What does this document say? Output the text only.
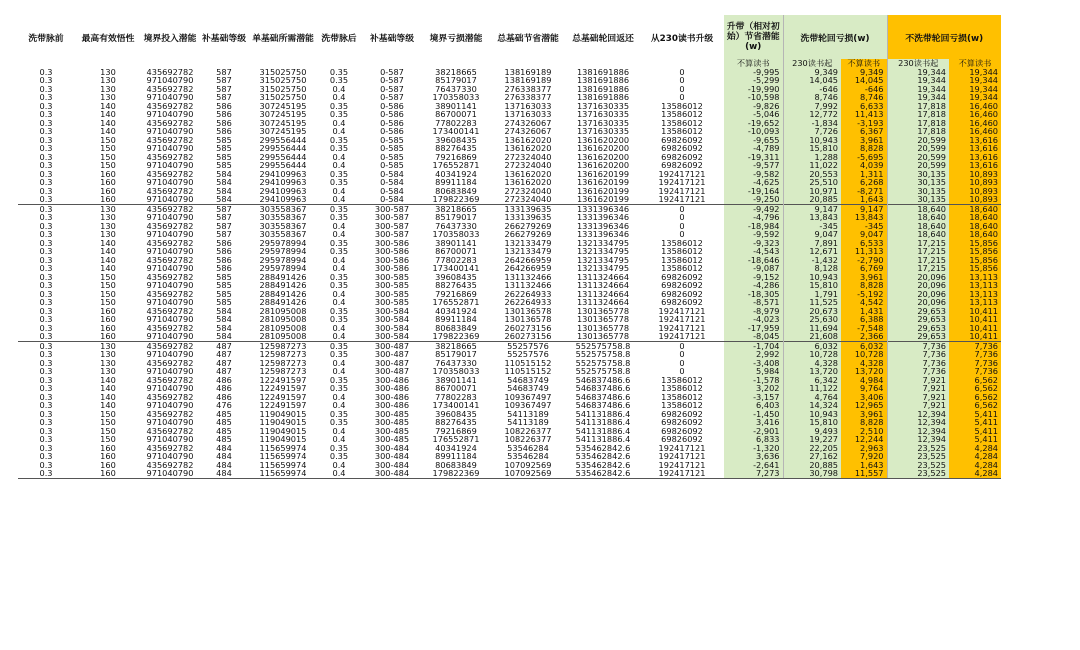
洗带脉前	最高有效悟性	境界投入潜能	补基础等级	单基础所需潜能	洗带脉后	补基础等级	境界亏损潜能	总基础节省潜能	总基础轮回返还	从230读书升级	升带（相对初始）节省潜能(w)	洗带轮回亏损(w)		不洗带轮回亏损(w)	
											不算读书	230读书起	不算读书	230读书起	不算读书
0.3	130	435692782	587	315025750	0.35	0-587	38218665	138169189	1381691886	0	-9,995	9,349	9,349	19,344	19,344
0.3	130	971040790	587	315025750	0.35	0-587	85179017	138169189	1381691886	0	-5,299	14,045	14,045	19,344	19,344
0.3	130	435692782	587	315025750	0.4	0-587	76437330	276338377	1381691886	0	-19,990	-646	-646	19,344	19,344
0.3	130	971040790	587	315025750	0.4	0-587	170358033	276338377	1381691886	0	-10,598	8,746	8,746	19,344	19,344
0.3	140	435692782	586	307245195	0.35	0-586	38901141	137163033	1371630335	13586012	-9,826	7,992	6,633	17,818	16,460
0.3	140	971040790	586	307245195	0.35	0-586	86700071	137163033	1371630335	13586012	-5,046	12,772	11,413	17,818	16,460
0.3	140	435692782	586	307245195	0.4	0-586	77802283	274326067	1371630335	13586012	-19,652	-1,834	-3,193	17,818	16,460
0.3	140	971040790	586	307245195	0.4	0-586	173400141	274326067	1371630335	13586012	-10,093	7,726	6,367	17,818	16,460
0.3	150	435692782	585	299556444	0.35	0-585	39608435	136162020	1361620200	69826092	-9,655	10,943	3,961	20,599	13,616
0.3	150	971040790	585	299556444	0.35	0-585	88276435	136162020	1361620200	69826092	-4,789	15,810	8,828	20,599	13,616
0.3	150	435692782	585	299556444	0.4	0-585	79216869	272324040	1361620200	69826092	-19,311	1,288	-5,695	20,599	13,616
0.3	150	971040790	585	299556444	0.4	0-585	176552871	272324040	1361620200	69826092	-9,577	11,022	4,039	20,599	13,616
0.3	160	435692782	584	294109963	0.35	0-584	40341924	136162020	1361620199	192417121	-9,582	20,553	1,311	30,135	10,893
0.3	160	971040790	584	294109963	0.35	0-584	89911184	136162020	1361620199	192417121	-4,625	25,510	6,268	30,135	10,893
0.3	160	435692782	584	294109963	0.4	0-584	80683849	272324040	1361620199	192417121	-19,164	10,971	-8,271	30,135	10,893
0.3	160	971040790	584	294109963	0.4	0-584	179822369	272324040	1361620199	192417121	-9,250	20,885	1,643	30,135	10,893
0.3	130	435692782	587	303558367	0.35	300-587	38218665	133139635	1331396346	0	-9,492	9,147	9,147	18,640	18,640
0.3	130	971040790	587	303558367	0.35	300-587	85179017	133139635	1331396346	0	-4,796	13,843	13,843	18,640	18,640
0.3	130	435692782	587	303558367	0.4	300-587	76437330	266279269	1331396346	0	-18,984	-345	-345	18,640	18,640
0.3	130	971040790	587	303558367	0.4	300-587	170358033	266279269	1331396346	0	-9,592	9,047	9,047	18,640	18,640
0.3	140	435692782	586	295978994	0.35	300-586	38901141	132133479	1321334795	13586012	-9,323	7,891	6,533	17,215	15,856
0.3	140	971040790	586	295978994	0.35	300-586	86700071	132133479	1321334795	13586012	-4,543	12,671	11,313	17,215	15,856
0.3	140	435692782	586	295978994	0.4	300-586	77802283	264266959	1321334795	13586012	-18,646	-1,432	-2,790	17,215	15,856
0.3	140	971040790	586	295978994	0.4	300-586	173400141	264266959	1321334795	13586012	-9,087	8,128	6,769	17,215	15,856
0.3	150	435692782	585	288491426	0.35	300-585	39608435	131132466	1311324664	69826092	-9,152	10,943	3,961	20,096	13,113
0.3	150	971040790	585	288491426	0.35	300-585	88276435	131132466	1311324664	69826092	-4,286	15,810	8,828	20,096	13,113
0.3	150	435692782	585	288491426	0.4	300-585	79216869	262264933	1311324664	69826092	-18,305	1,791	-5,192	20,096	13,113
0.3	150	971040790	585	288491426	0.4	300-585	176552871	262264933	1311324664	69826092	-8,571	11,525	4,542	20,096	13,113
0.3	160	435692782	584	281095008	0.35	300-584	40341924	130136578	1301365778	192417121	-8,979	20,673	1,431	29,653	10,411
0.3	160	971040790	584	281095008	0.35	300-584	89911184	130136578	1301365778	192417121	-4,023	25,630	6,388	29,653	10,411
0.3	160	435692782	584	281095008	0.4	300-584	80683849	260273156	1301365778	192417121	-17,959	11,694	-7,548	29,653	10,411
0.3	160	971040790	584	281095008	0.4	300-584	179822369	260273156	1301365778	192417121	-8,045	21,608	2,366	29,653	10,411
0.3	130	435692782	487	125987273	0.35	300-487	38218665	55257576	552575758.8	0	-1,704	6,032	6,032	7,736	7,736
0.3	130	971040790	487	125987273	0.35	300-487	85179017	55257576	552575758.8	0	2,992	10,728	10,728	7,736	7,736
0.3	130	435692782	487	125987273	0.4	300-487	76437330	110515152	552575758.8	0	-3,408	4,328	4,328	7,736	7,736
0.3	130	971040790	487	125987273	0.4	300-487	170358033	110515152	552575758.8	0	5,984	13,720	13,720	7,736	7,736
0.3	140	435692782	486	122491597	0.35	300-486	38901141	54683749	546837486.6	13586012	-1,578	6,342	4,984	7,921	6,562
0.3	140	971040790	486	122491597	0.35	300-486	86700071	54683749	546837486.6	13586012	3,202	11,122	9,764	7,921	6,562
0.3	140	435692782	486	122491597	0.4	300-486	77802283	109367497	546837486.6	13586012	-3,157	4,764	3,406	7,921	6,562
0.3	140	971040790	476	122491597	0.4	300-486	173400141	109367497	546837486.6	13586012	6,403	14,324	12,965	7,921	6,562
0.3	150	435692782	485	119049015	0.35	300-485	39608435	54113189	541131886.4	69826092	-1,450	10,943	3,961	12,394	5,411
0.3	150	971040790	485	119049015	0.35	300-485	88276435	54113189	541131886.4	69826092	3,416	15,810	8,828	12,394	5,411
0.3	150	435692782	485	119049015	0.4	300-485	79216869	108226377	541131886.4	69826092	-2,901	9,493	2,510	12,394	5,411
0.3	150	971040790	485	119049015	0.4	300-485	176552871	108226377	541131886.4	69826092	6,833	19,227	12,244	12,394	5,411
0.3	160	435692782	484	115659974	0.35	300-484	40341924	53546284	535462842.6	192417121	-1,320	22,205	2,963	23,525	4,284
0.3	160	971040790	484	115659974	0.35	300-484	89911184	53546284	535462842.6	192417121	3,636	27,162	7,920	23,525	4,284
0.3	160	435692782	484	115659974	0.4	300-484	80683849	107092569	535462842.6	192417121	-2,641	20,885	1,643	23,525	4,284
0.3	160	971040790	484	115659974	0.4	300-484	179822369	107092569	535462842.6	192417121	7,273	30,798	11,557	23,525	4,284
